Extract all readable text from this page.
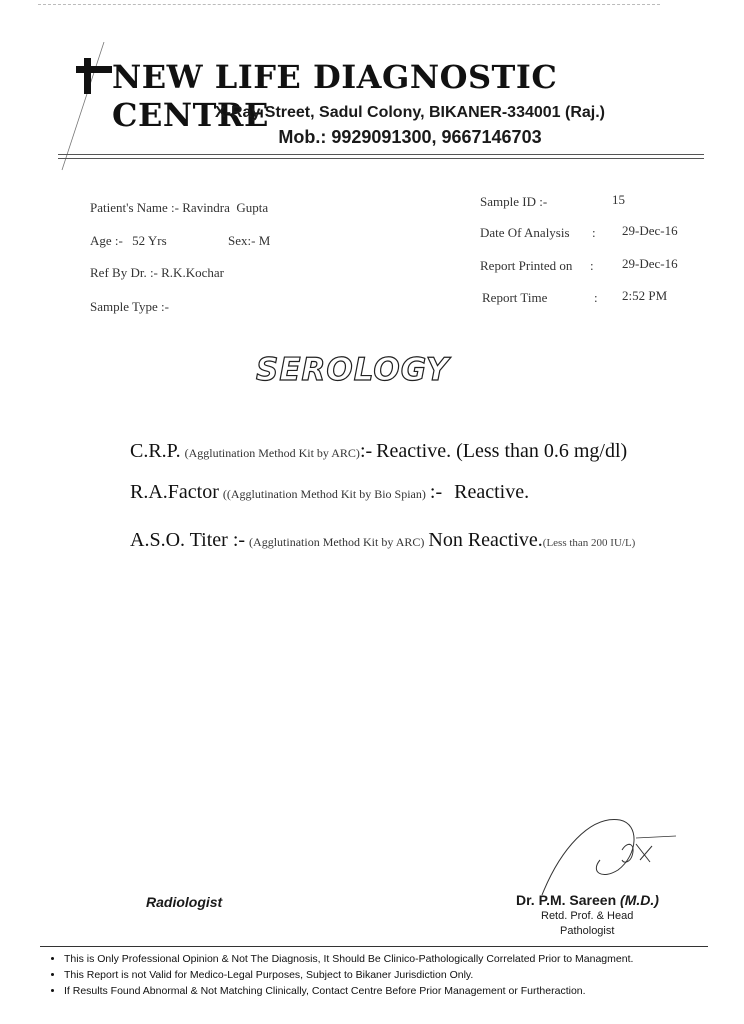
NEW LIFE DIAGNOSTIC CENTRE
X-Ray Street, Sadul Colony, BIKANER-334001 (Raj.)
Mob.: 9929091300, 9667146703
Patient's Name :- Ravindra  Gupta
Age :- 52 Yrs	Sex:- M
Ref By Dr. :- R.K.Kochar
Sample Type :-
Sample ID :-	15
Date Of Analysis : 29-Dec-16
Report Printed on : 29-Dec-16
Report Time	: 2:52 PM
SEROLOGY
C.R.P. (Agglutination Method Kit by ARC):- Reactive. (Less than 0.6 mg/dl)
R.A.Factor ((Agglutination Method Kit by Bio Spian) :- Reactive.
A.S.O. Titer :- (Agglutination Method Kit by ARC) Non Reactive.(Less than 200 IU/L)
Radiologist	Dr. P.M. Sareen (M.D.)
Retd. Prof. & Head
Pathologist
• This is Only Professional Opinion & Not The Diagnosis, It Should Be Clinico-Pathologically Correlated Prior to Managment.
• This Report is not Valid for Medico-Legal Purposes, Subject to Bikaner Jurisdiction Only.
• If Results Found Abnormal & Not Matching Clinically, Contact Centre Before Prior Management or Furtheraction.
